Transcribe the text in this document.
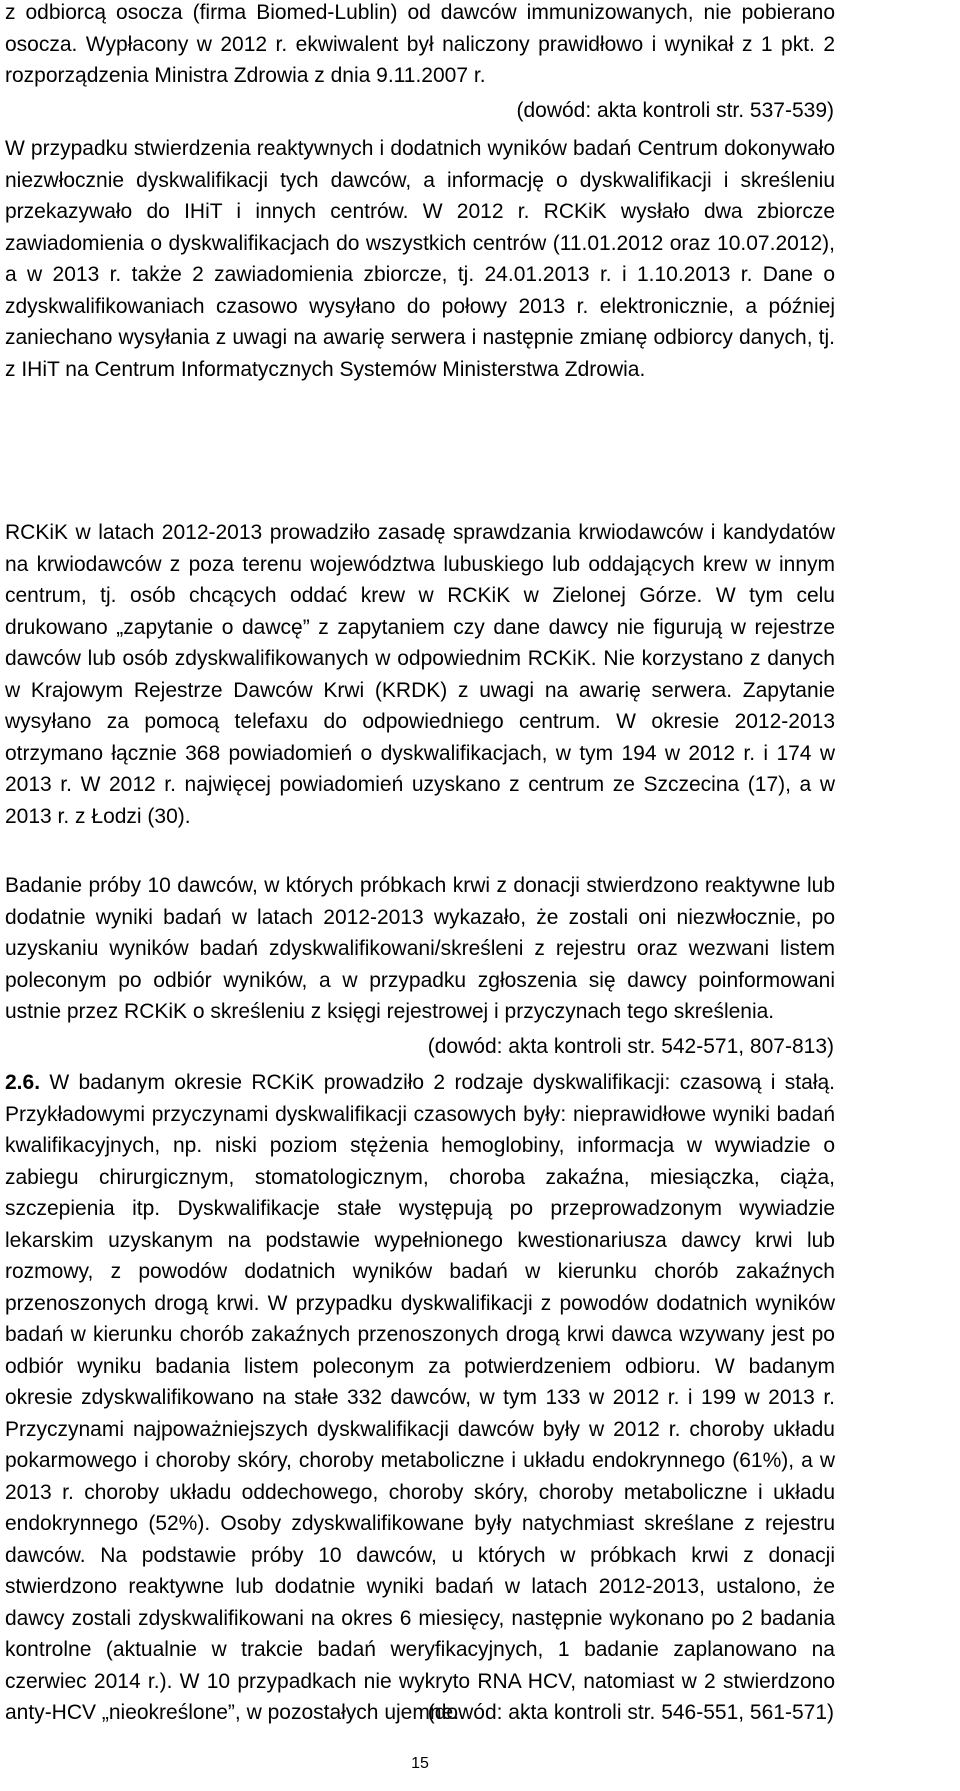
z odbiorcą osocza (firma Biomed-Lublin) od dawców immunizowanych, nie pobierano osocza. Wypłacony w 2012 r. ekwiwalent był naliczony prawidłowo i wynikał z 1 pkt. 2 rozporządzenia Ministra Zdrowia z dnia 9.11.2007 r.

(dowód: akta kontroli str. 537-539)

W przypadku stwierdzenia reaktywnych i dodatnich wyników badań Centrum dokonywało niezwłocznie dyskwalifikacji tych dawców, a informację o dyskwalifikacji i skreśleniu przekazywało do IHiT i innych centrów. W 2012 r. RCKiK wysłało dwa zbiorcze zawiadomienia o dyskwalifikacjach do wszystkich centrów (11.01.2012 oraz 10.07.2012), a w 2013 r. także 2 zawiadomienia zbiorcze, tj. 24.01.2013 r. i 1.10.2013 r. Dane o zdyskwalifikowaniach czasowo wysyłano do połowy 2013 r. elektronicznie, a później zaniechano wysyłania z uwagi na awarię serwera i następnie zmianę odbiorcy danych, tj. z IHiT na Centrum Informatycznych Systemów Ministerstwa Zdrowia.

RCKiK w latach 2012-2013 prowadziło zasadę sprawdzania krwiodawców i kandydatów na krwiodawców z poza terenu województwa lubuskiego lub oddających krew w innym centrum, tj. osób chcących oddać krew w RCKiK w Zielonej Górze. W tym celu drukowano „zapytanie o dawcę” z zapytaniem czy dane dawcy nie figurują w rejestrze dawców lub osób zdyskwalifikowanych w odpowiednim RCKiK. Nie korzystano z danych w Krajowym Rejestrze Dawców Krwi (KRDK) z uwagi na awarię serwera. Zapytanie wysyłano za pomocą telefaxu do odpowiedniego centrum. W okresie 2012-2013 otrzymano łącznie 368 powiadomień o dyskwalifikacjach, w tym 194 w 2012 r. i 174 w 2013 r. W 2012 r. najwięcej powiadomień uzyskano z centrum ze Szczecina (17), a w 2013 r. z Łodzi (30).

Badanie próby 10 dawców, w których próbkach krwi z donacji stwierdzono reaktywne lub dodatnie wyniki badań w latach 2012-2013 wykazało, że zostali oni niezwłocznie, po uzyskaniu wyników badań zdyskwalifikowani/skreśleni z rejestru oraz wezwani listem poleconym po odbiór wyników, a w przypadku zgłoszenia się dawcy poinformowani ustnie przez RCKiK o skreśleniu z księgi rejestrowej i przyczynach tego skreślenia.

(dowód: akta kontroli str. 542-571, 807-813)

2.6. W badanym okresie RCKiK prowadziło 2 rodzaje dyskwalifikacji: czasową i stałą. Przykładowymi przyczynami dyskwalifikacji czasowych były: nieprawidłowe wyniki badań kwalifikacyjnych, np. niski poziom stężenia hemoglobiny, informacja w wywiadzie o zabiegu chirurgicznym, stomatologicznym, choroba zakaźna, miesiączka, ciąża, szczepienia itp. Dyskwalifikacje stałe występują po przeprowadzonym wywiadzie lekarskim uzyskanym na podstawie wypełnionego kwestionariusza dawcy krwi lub rozmowy, z powodów dodatnich wyników badań w kierunku chorób zakaźnych przenoszonych drogą krwi. W przypadku dyskwalifikacji z powodów dodatnich wyników badań w kierunku chorób zakaźnych przenoszonych drogą krwi dawca wzywany jest po odbiór wyniku badania listem poleconym za potwierdzeniem odbioru. W badanym okresie zdyskwalifikowano na stałe 332 dawców, w tym 133 w 2012 r. i 199 w 2013 r. Przyczynami najpoważniejszych dyskwalifikacji dawców były w 2012 r. choroby układu pokarmowego i choroby skóry, choroby metaboliczne i układu endokrynnego (61%), a w 2013 r. choroby układu oddechowego, choroby skóry, choroby metaboliczne i układu endokrynnego (52%). Osoby zdyskwalifikowane były natychmiast skreślane z rejestru dawców. Na podstawie próby 10 dawców, u których w próbkach krwi z donacji stwierdzono reaktywne lub dodatnie wyniki badań w latach 2012-2013, ustalono, że dawcy zostali zdyskwalifikowani na okres 6 miesięcy, następnie wykonano po 2 badania kontrolne (aktualnie w trakcie badań weryfikacyjnych, 1 badanie zaplanowano na czerwiec 2014 r.). W 10 przypadkach nie wykryto RNA HCV, natomiast w 2 stwierdzono anty-HCV „nieokreślone”, w pozostałych ujemne.

(dowód: akta kontroli str. 546-551, 561-571)

15
